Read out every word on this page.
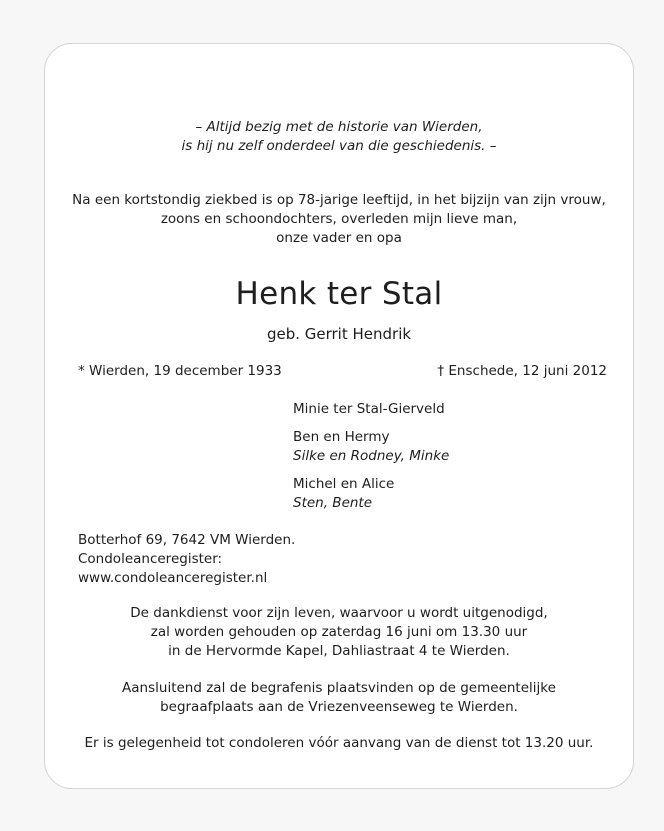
– Altijd bezig met de historie van Wierden,

is hij nu zelf onderdeel van die geschiedenis. –

Na een kortstondig ziekbed is op 78-jarige leeftijd, in het bijzijn van zijn vrouw,

zoons en schoondochters, overleden mijn lieve man,

onze vader en opa

Henk ter Stal
geb. Gerrit Hendrik
* Wierden, 19 december 1933	† Enschede, 12 juni 2012

Minie ter Stal-Gierveld

Ben en Hermy

Silke en Rodney, Minke

Michel en Alice

Sten, Bente

Botterhof 69, 7642 VM Wierden.

Condoleanceregister:

www.condoleanceregister.nl

De dankdienst voor zijn leven, waarvoor u wordt uitgenodigd,

zal worden gehouden op zaterdag 16 juni om 13.30 uur

in de Hervormde Kapel, Dahliastraat 4 te Wierden.

Aansluitend zal de begrafenis plaatsvinden op de gemeentelijke

begraafplaats aan de Vriezenveenseweg te Wierden.

Er is gelegenheid tot condoleren vóór aanvang van de dienst tot 13.20 uur.
